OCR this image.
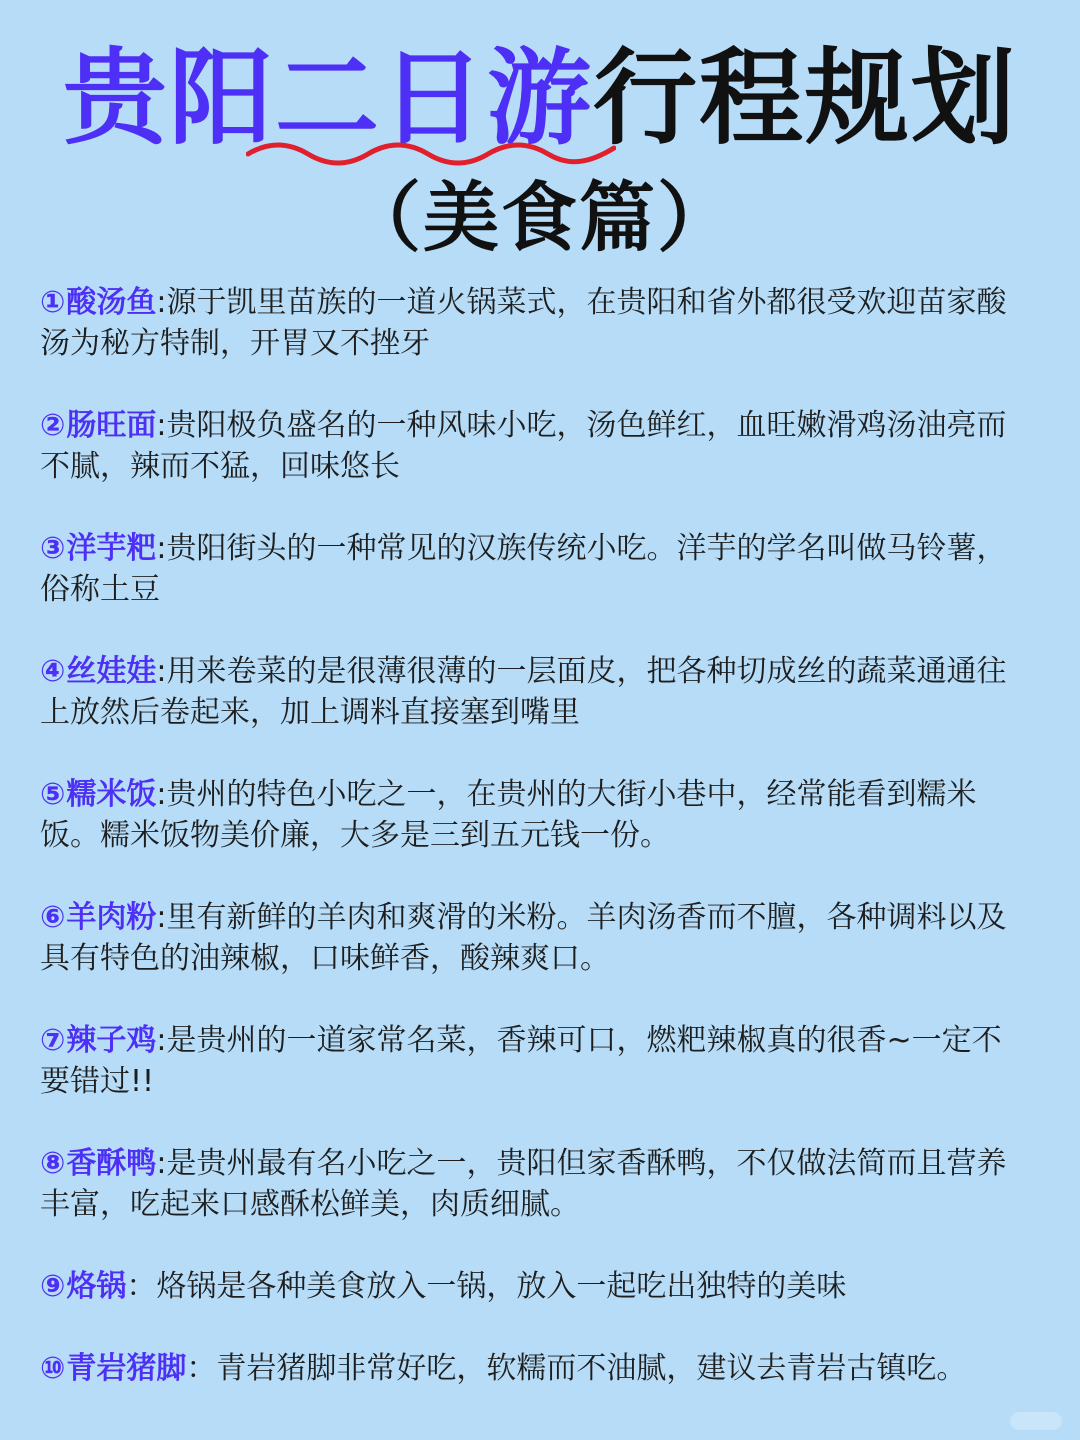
贵阳二日游行程规划
（美食篇）
①酸汤鱼:源于凯里苗族的一道火锅菜式，在贵阳和省外都很受欢迎苗家酸汤为秘方特制，开胃又不挫牙
②肠旺面:贵阳极负盛名的一种风味小吃，汤色鲜红，血旺嫩滑鸡汤油亮而不腻，辣而不猛，回味悠长
③洋芋粑:贵阳街头的一种常见的汉族传统小吃。洋芋的学名叫做马铃薯，俗称土豆
④丝娃娃:用来卷菜的是很薄很薄的一层面皮，把各种切成丝的蔬菜通通往上放然后卷起来，加上调料直接塞到嘴里
⑤糯米饭:贵州的特色小吃之一，在贵州的大街小巷中，经常能看到糯米饭。糯米饭物美价廉，大多是三到五元钱一份。
⑥羊肉粉:里有新鲜的羊肉和爽滑的米粉。羊肉汤香而不膻，各种调料以及具有特色的油辣椒，口味鲜香，酸辣爽口。
⑦辣子鸡:是贵州的一道家常名菜，香辣可口，燃粑辣椒真的很香~一定不要错过!!
⑧香酥鸭:是贵州最有名小吃之一，贵阳但家香酥鸭，不仅做法简而且营养丰富，吃起来口感酥松鲜美，肉质细腻。
⑨烙锅：烙锅是各种美食放入一锅，放入一起吃出独特的美味
⑩青岩猪脚：青岩猪脚非常好吃，软糯而不油腻，建议去青岩古镇吃。
